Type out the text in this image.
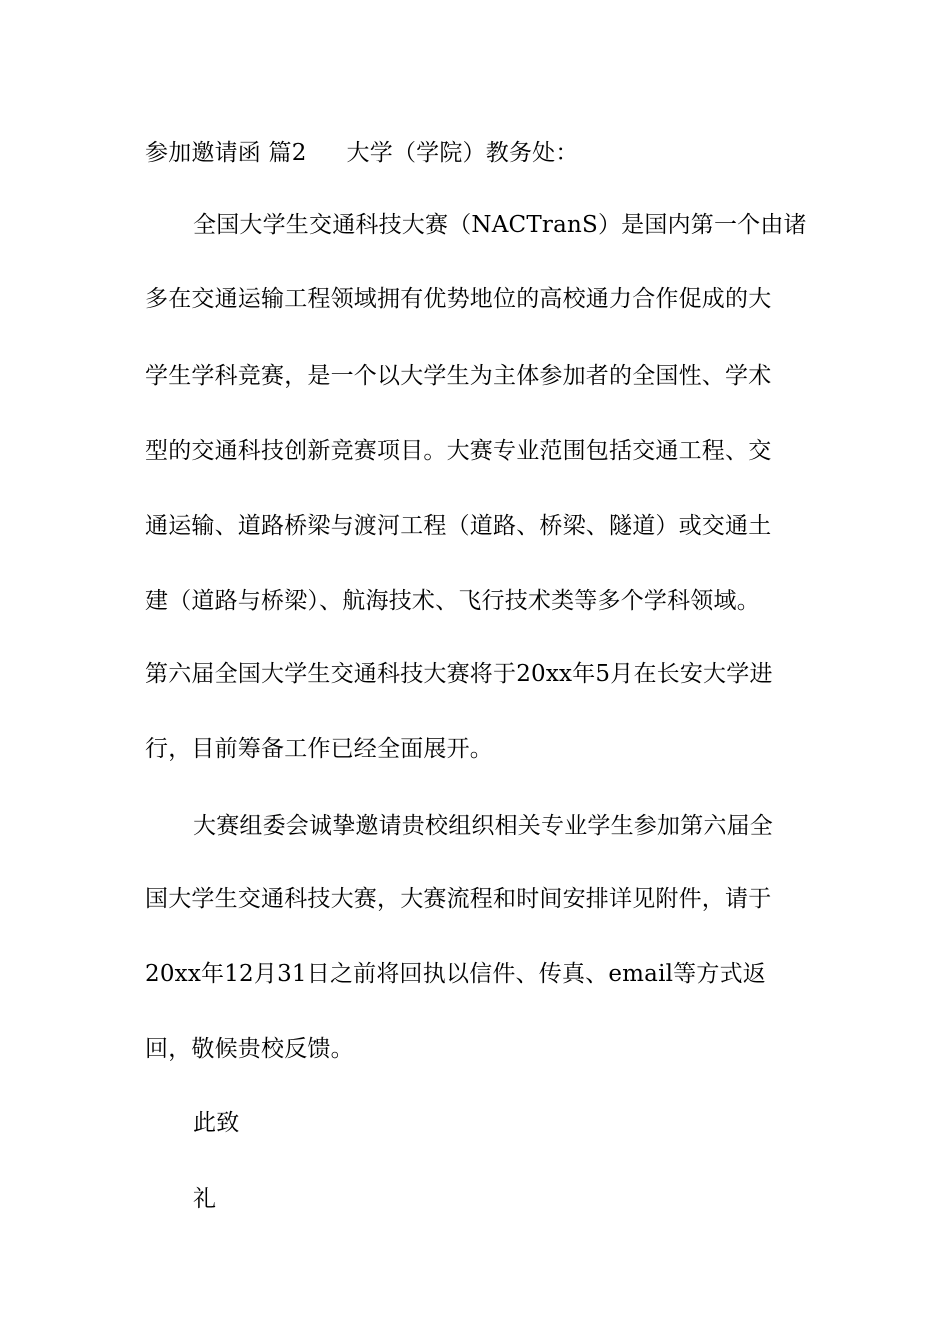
参加邀请函 篇2 大学（学院）教务处：
全国大学生交通科技大赛（NACTranS）是国内第一个由诸
多在交通运输工程领域拥有优势地位的高校通力合作促成的大
学生学科竞赛，是一个以大学生为主体参加者的全国性、学术
型的交通科技创新竞赛项目。大赛专业范围包括交通工程、交
通运输、道路桥梁与渡河工程（道路、桥梁、隧道）或交通土
建（道路与桥梁）、航海技术、飞行技术类等多个学科领域。
第六届全国大学生交通科技大赛将于20xx年5月在长安大学进
行，目前筹备工作已经全面展开。
大赛组委会诚挚邀请贵校组织相关专业学生参加第六届全
国大学生交通科技大赛，大赛流程和时间安排详见附件，请于
20xx年12月31日之前将回执以信件、传真、email等方式返
回，敬候贵校反馈。
此致
礼
